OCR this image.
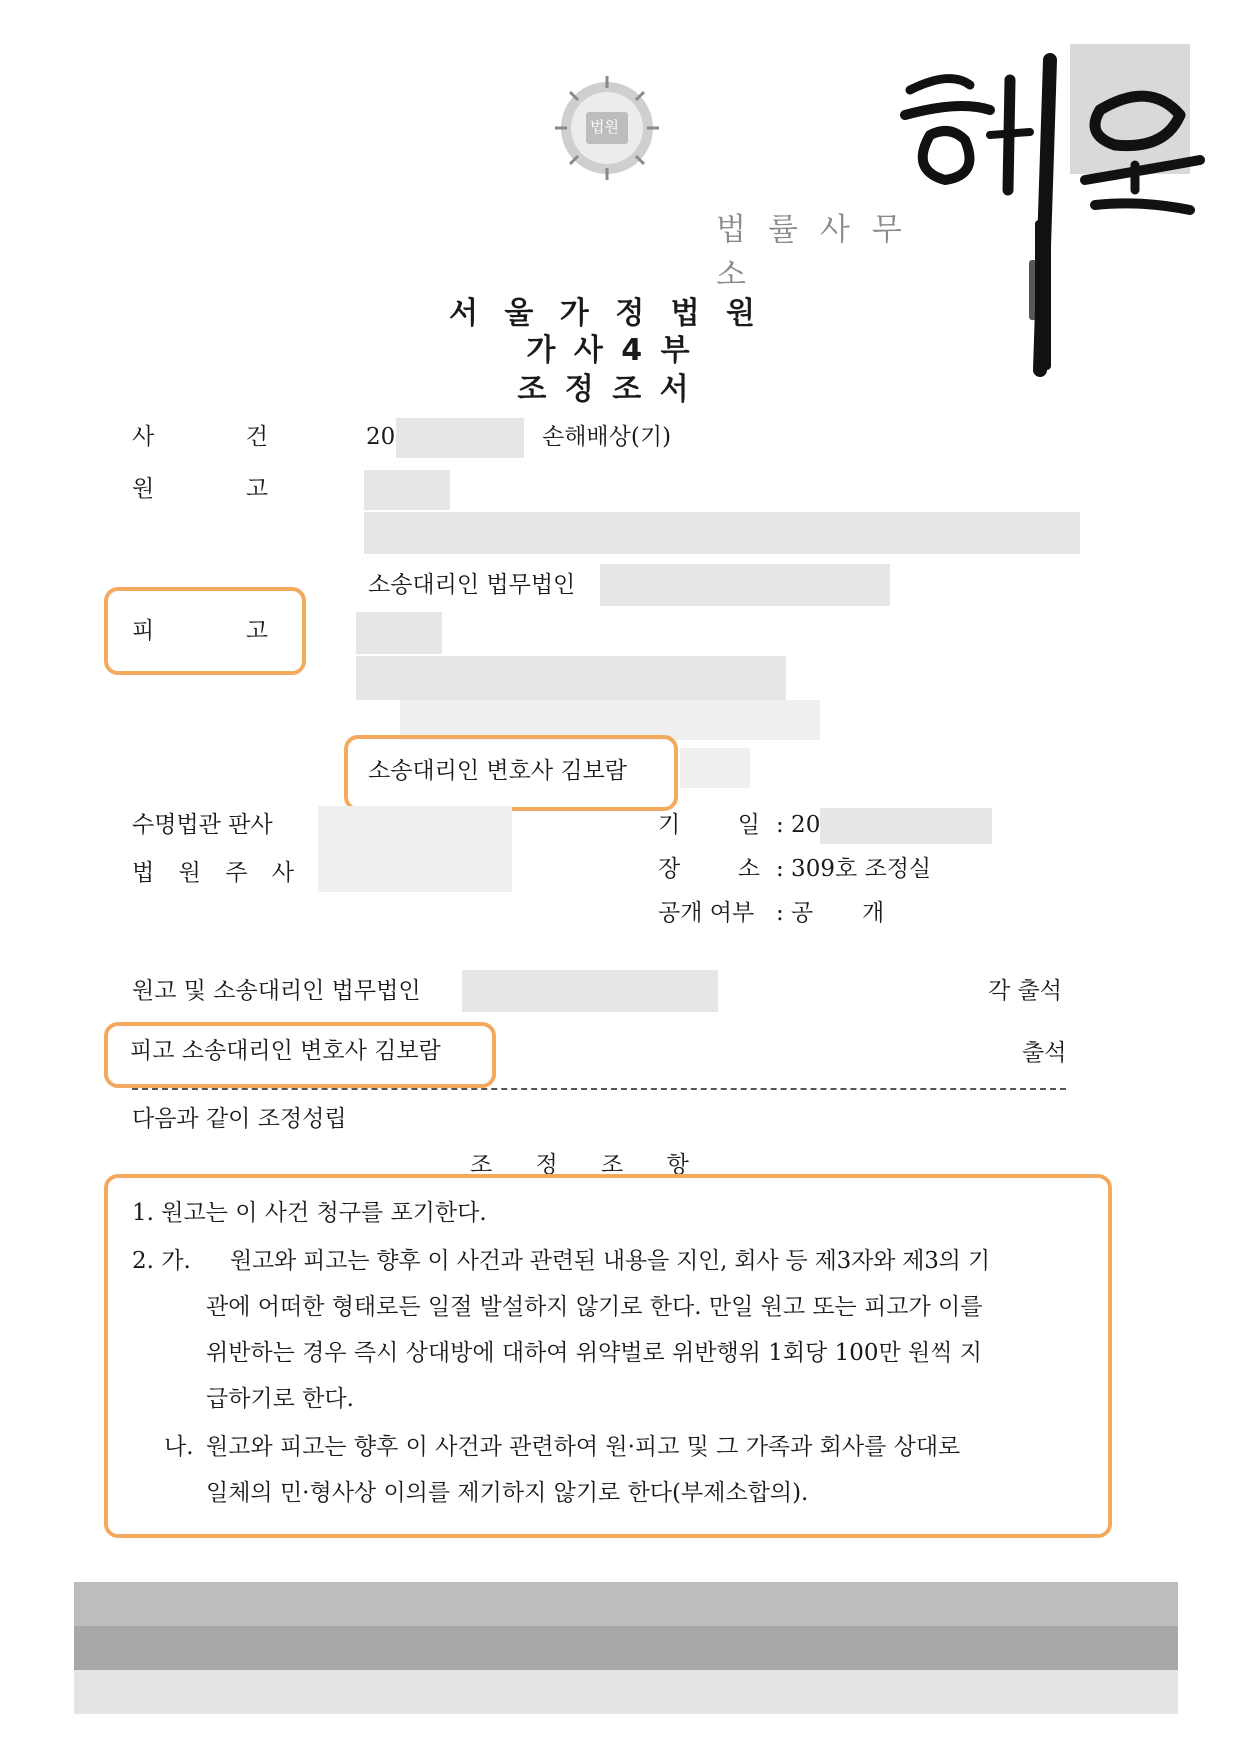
법원
해온
법률사무소
서 울 가 정 법 원
가 사 4 부
조 정 조 서
사	건	20	손해배상(기)
원	고
소송대리인 법무법인
피	고
소송대리인 변호사 김보람
수명법관 판사
법 원 주 사
기	일 : 20
장	소 : 309호 조정실
공개 여부 : 공 개
원고 및 소송대리인 법무법인	각 출석
피고 소송대리인 변호사 김보람	출석
다음과 같이 조정성립
조 정 조 항
1. 원고는 이 사건 청구를 포기한다.
2. 가. 원고와 피고는 향후 이 사건과 관련된 내용을 지인, 회사 등 제3자와 제3의 기
관에 어떠한 형태로든 일절 발설하지 않기로 한다. 만일 원고 또는 피고가 이를
위반하는 경우 즉시 상대방에 대하여 위약벌로 위반행위 1회당 100만 원씩 지
급하기로 한다.
나. 원고와 피고는 향후 이 사건과 관련하여 원·피고 및 그 가족과 회사를 상대로
일체의 민·형사상 이의를 제기하지 않기로 한다(부제소합의).
